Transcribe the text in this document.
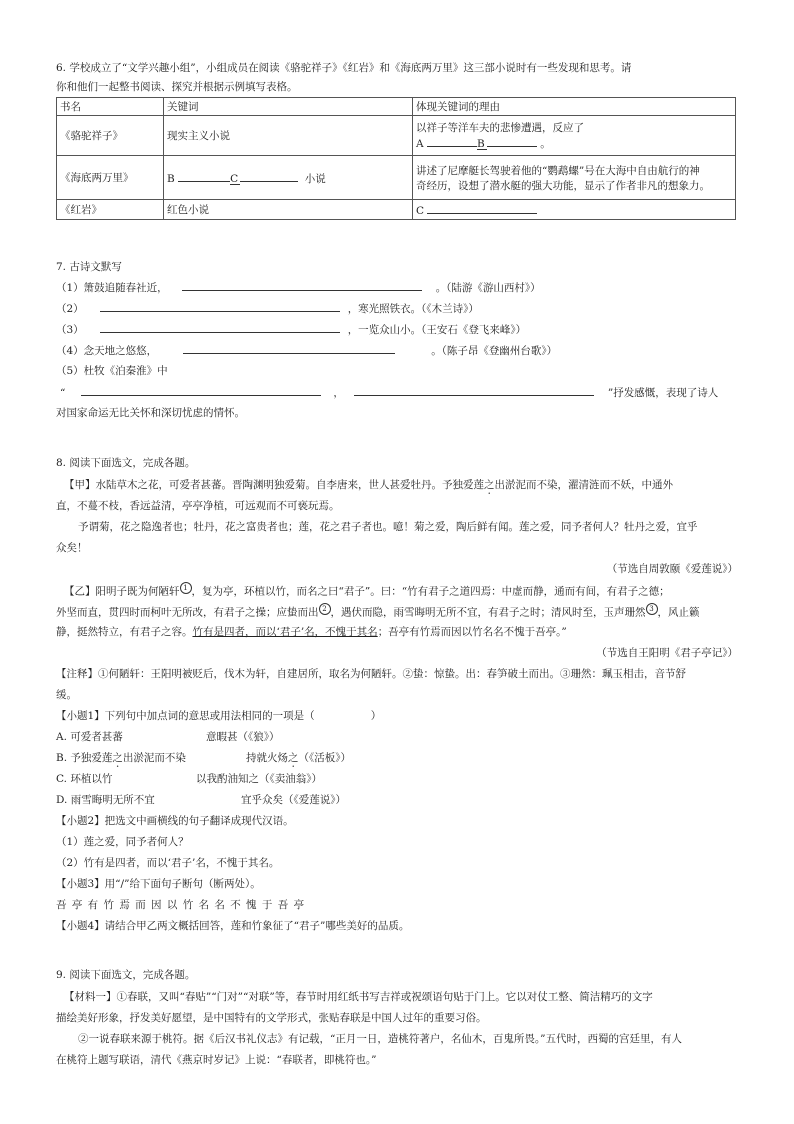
6. 学校成立了“文学兴趣小组”，小组成员在阅读《骆驼祥子》《红岩》和《海底两万里》这三部小说时有一些发现和思考。请
你和他们一起整书阅读、探究并根据示例填写表格。
书名	关键词	体现关键词的理由
《骆驼祥子》	现实主义小说	以祥子等洋车夫的悲惨遭遇，反应了
A B 。

《海底两万里》	B C 小说	讲述了尼摩艇长驾驶着他的“鹦鹉螺”号在大海中自由航行的神
奇经历，设想了潜水艇的强大功能，显示了作者非凡的想象力。

《红岩》	红色小说	C
7. 古诗文默写
（1）箫鼓追随春社近，	。（陆游《游山西村》）
（2）	，寒光照铁衣。（《木兰诗》）
（3）	，一览众山小。（王安石《登飞来峰》）
（4）念天地之悠悠，	。（陈子昂《登幽州台歌》）
（5）杜牧《泊秦淮》中
“	，	”抒发感慨，表现了诗人
对国家命运无比关怀和深切忧虑的情怀。
8. 阅读下面选文，完成各题。
【甲】水陆草木之花，可爱者甚蕃。晋陶渊明独爱菊。自李唐来，世人甚爱牡丹。予独爱莲之出淤泥而不染，濯清涟而不妖，中通外
直，不蔓不枝，香远益清，亭亭净植，可远观而不可亵玩焉。
予谓菊，花之隐逸者也；牡丹，花之富贵者也；莲，花之君子者也。噫！菊之爱，陶后鲜有闻。莲之爱，同予者何人？牡丹之爱，宜乎
众矣！
（节选自周敦颐《爱莲说》）
【乙】阳明子既为何陋轩 1 ，复为亭，环植以竹，而名之曰“君子”。曰：“竹有君子之道四焉：中虚而静，通而有间，有君子之德；
外坚而直，贯四时而柯叶无所改，有君子之操；应蛰而出 2 ，遇伏而隐，雨雪晦明无所不宜，有君子之时；清风时至，玉声珊然 3 ，风止籁
静，挺然特立，有君子之容。竹有是四者，而以‘君子’名，不愧于其名；吾亭有竹焉而因以竹名名不愧于吾亭。”
（节选自王阳明《君子亭记》）
【注释】①何陋轩：王阳明被贬后，伐木为轩，自建居所，取名为何陋轩。②蛰：惊蛰。出：春笋破土而出。③珊然：珮玉相击，音节舒
缓。
【小题1】下列句中加点词的意思或用法相同的一项是（	）
A. 可爱者甚蕃	意暇甚（《狼》）
B. 予独爱莲之出淤泥而不染	持就火炀之（《活板》）
C. 环植以竹	以我酌油知之（《卖油翁》）
D. 雨雪晦明无所不宜	宜乎众矣（《爱莲说》）
【小题2】把选文中画横线的句子翻译成现代汉语。
（1）莲之爱，同予者何人？
（2）竹有是四者，而以‘君子’名，不愧于其名。
【小题3】用“/”给下面句子断句（断两处）。
吾 亭 有 竹 焉 而 因 以 竹 名 名 不 愧 于 吾 亭
【小题4】请结合甲乙两文概括回答，莲和竹象征了“君子”哪些美好的品质。
9. 阅读下面选文，完成各题。
【材料一】①春联，又叫“春贴”“门对”“对联”等，春节时用红纸书写吉祥或祝颂语句贴于门上。它以对仗工整、简洁精巧的文字
描绘美好形象，抒发美好愿望，是中国特有的文学形式，张贴春联是中国人过年的重要习俗。
②一说春联来源于桃符。据《后汉书礼仪志》有记载，“正月一日，造桃符著户，名仙木，百鬼所畏。”五代时，西蜀的宫廷里，有人
在桃符上题写联语，清代《燕京时岁记》上说：“春联者，即桃符也。”
